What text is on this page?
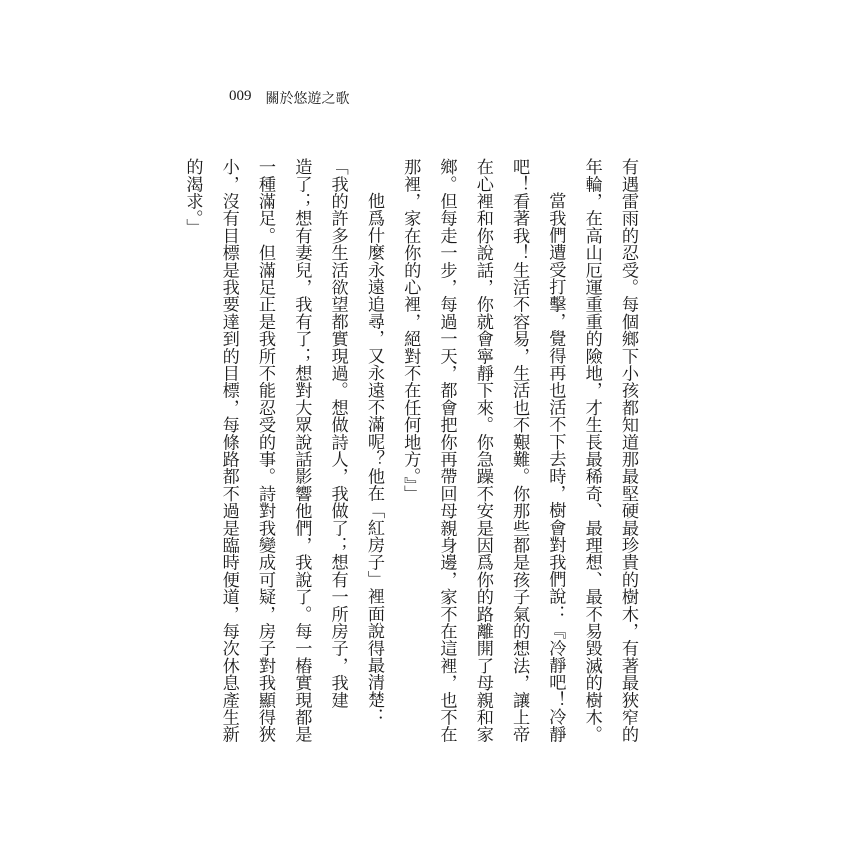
009 關於悠遊之歌
有遇雷雨的忍受。每個鄉下小孩都知道那最堅硬最珍貴的樹木，有著最狹窄的
年輪，在高山厄運重重的險地，才生長最稀奇、最理想、最不易毀滅的樹木。
當我們遭受打擊，覺得再也活不下去時，樹會對我們說：『冷靜吧！冷靜
吧！看著我！生活不容易，生活也不艱難。你那些都是孩子氣的想法，讓上帝
在心裡和你說話，你就會寧靜下來。你急躁不安是因爲你的路離開了母親和家
鄉。但每走一步，每過一天，都會把你再帶回母親身邊，家不在這裡，也不在
那裡，家在你的心裡，絕對不在任何地方。』」
他爲什麼永遠追尋，又永遠不滿呢？他在「紅房子」裡面說得最清楚：
「我的許多生活欲望都實現過。想做詩人，我做了；想有一所房子，我建
造了；想有妻兒，我有了；想對大眾說話影響他們，我說了。每一樁實現都是
一種滿足。但滿足正是我所不能忍受的事。詩對我變成可疑，房子對我顯得狹
小，沒有目標是我要達到的目標，每條路都不過是臨時便道，每次休息產生新
的渴求。」
